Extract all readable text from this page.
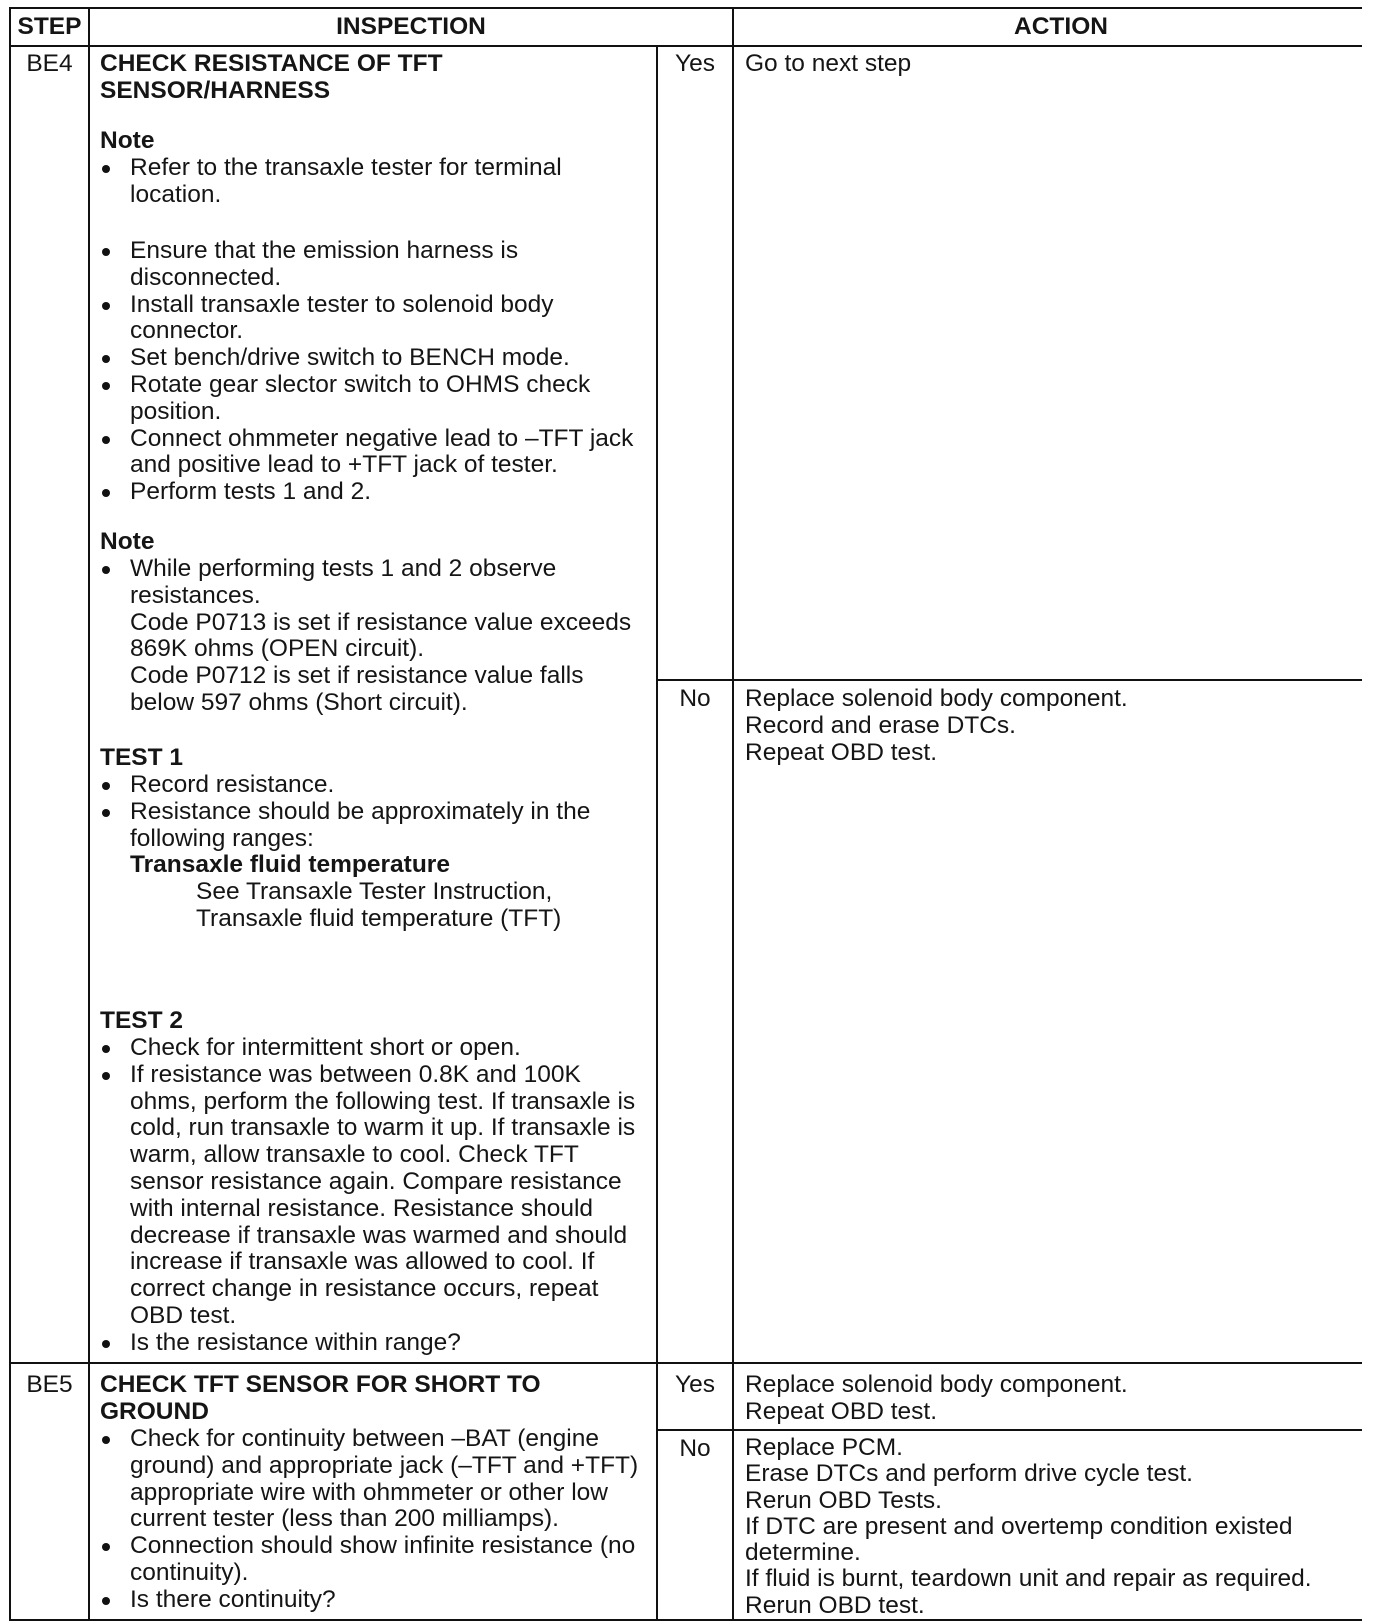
STEP	INSPECTION	ACTION
BE4	CHECK RESISTANCE OF TFT
SENSOR/HARNESS
Note
Refer to the transaxle tester for terminal
location.
Ensure that the emission harness is
disconnected.
Install transaxle tester to solenoid body
connector.
Set bench/drive switch to BENCH mode.
Rotate gear slector switch to OHMS check
position.
Connect ohmmeter negative lead to –TFT jack
and positive lead to +TFT jack of tester.
Perform tests 1 and 2.
Note
While performing tests 1 and 2 observe
resistances.
Code P0713 is set if resistance value exceeds
869K ohms (OPEN circuit).
Code P0712 is set if resistance value falls
below 597 ohms (Short circuit).
TEST 1
Record resistance.
Resistance should be approximately in the
following ranges:
Transaxle fluid temperature
See Transaxle Tester Instruction,
Transaxle fluid temperature (TFT)
TEST 2
Check for intermittent short or open.
If resistance was between 0.8K and 100K
ohms, perform the following test. If transaxle is
cold, run transaxle to warm it up. If transaxle is
warm, allow transaxle to cool. Check TFT
sensor resistance again. Compare resistance
with internal resistance. Resistance should
decrease if transaxle was warmed and should
increase if transaxle was allowed to cool. If
correct change in resistance occurs, repeat
OBD test.
Is the resistance within range?
Yes	Go to next step
No	Replace solenoid body component.
Record and erase DTCs.
Repeat OBD test.
BE5	CHECK TFT SENSOR FOR SHORT TO
GROUND
Check for continuity between –BAT (engine
ground) and appropriate jack (–TFT and +TFT)
appropriate wire with ohmmeter or other low
current tester (less than 200 milliamps).
Connection should show infinite resistance (no
continuity).
Is there continuity?
Yes	Replace solenoid body component.
Repeat OBD test.
No	Replace PCM.
Erase DTCs and perform drive cycle test.
Rerun OBD Tests.
If DTC are present and overtemp condition existed
determine.
If fluid is burnt, teardown unit and repair as required.
Rerun OBD test.
